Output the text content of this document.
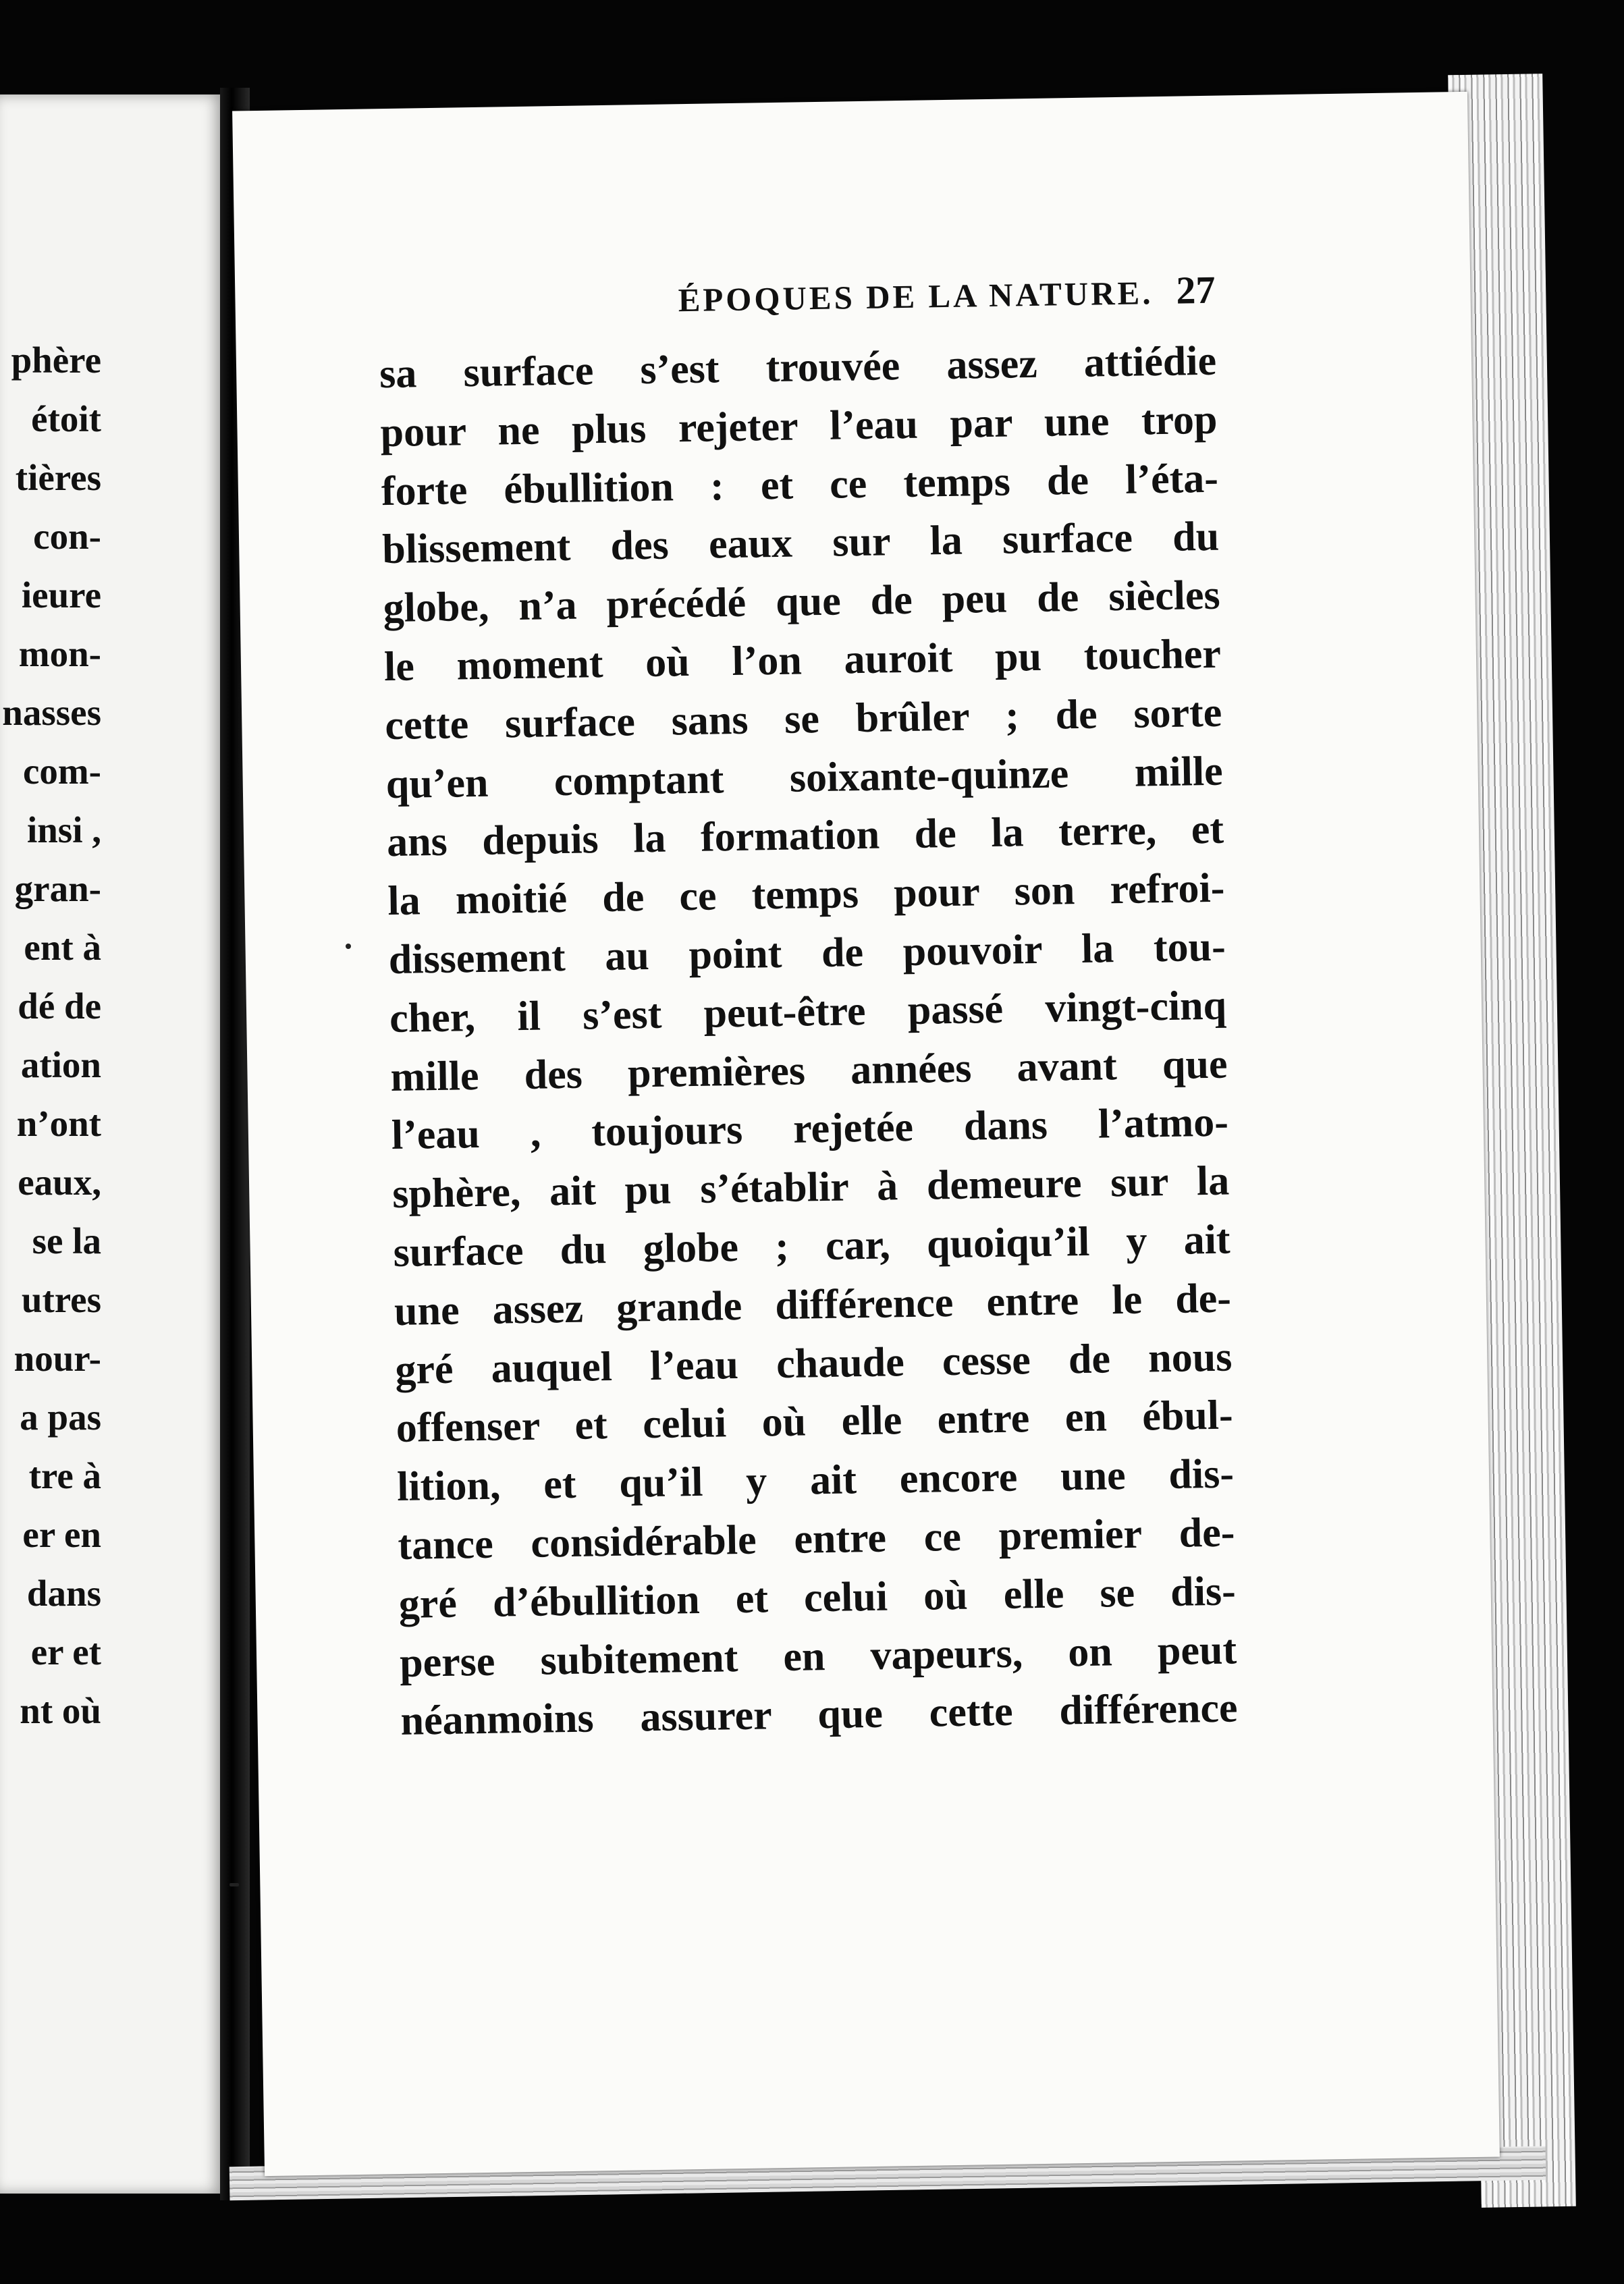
phère
étoit
tières
con-
ieure
mon-
nasses
com-
insi ,
gran-
ent à
dé de
ation
n’ont
eaux,
se la
utres
nour-
a pas
tre à
er en
dans
er et
nt où
ÉPOQUES DE LA NATURE. 27
sa surface s’est trouvée assez attiédie
pour ne plus rejeter l’eau par une trop
forte ébullition : et ce temps de l’éta-
blissement des eaux sur la surface du
globe, n’a précédé que de peu de siècles
le moment où l’on auroit pu toucher
cette surface sans se brûler ; de sorte
qu’en comptant soixante-quinze mille
ans depuis la formation de la terre, et
la moitié de ce temps pour son refroi-
dissement au point de pouvoir la tou-
cher, il s’est peut-être passé vingt-cinq
mille des premières années avant que
l’eau , toujours rejetée dans l’atmo-
sphère, ait pu s’établir à demeure sur la
surface du globe ; car, quoiqu’il y ait
une assez grande différence entre le de-
gré auquel l’eau chaude cesse de nous
offenser et celui où elle entre en ébul-
lition, et qu’il y ait encore une dis-
tance considérable entre ce premier de-
gré d’ébullition et celui où elle se dis-
perse subitement en vapeurs, on peut
néanmoins assurer que cette différence
